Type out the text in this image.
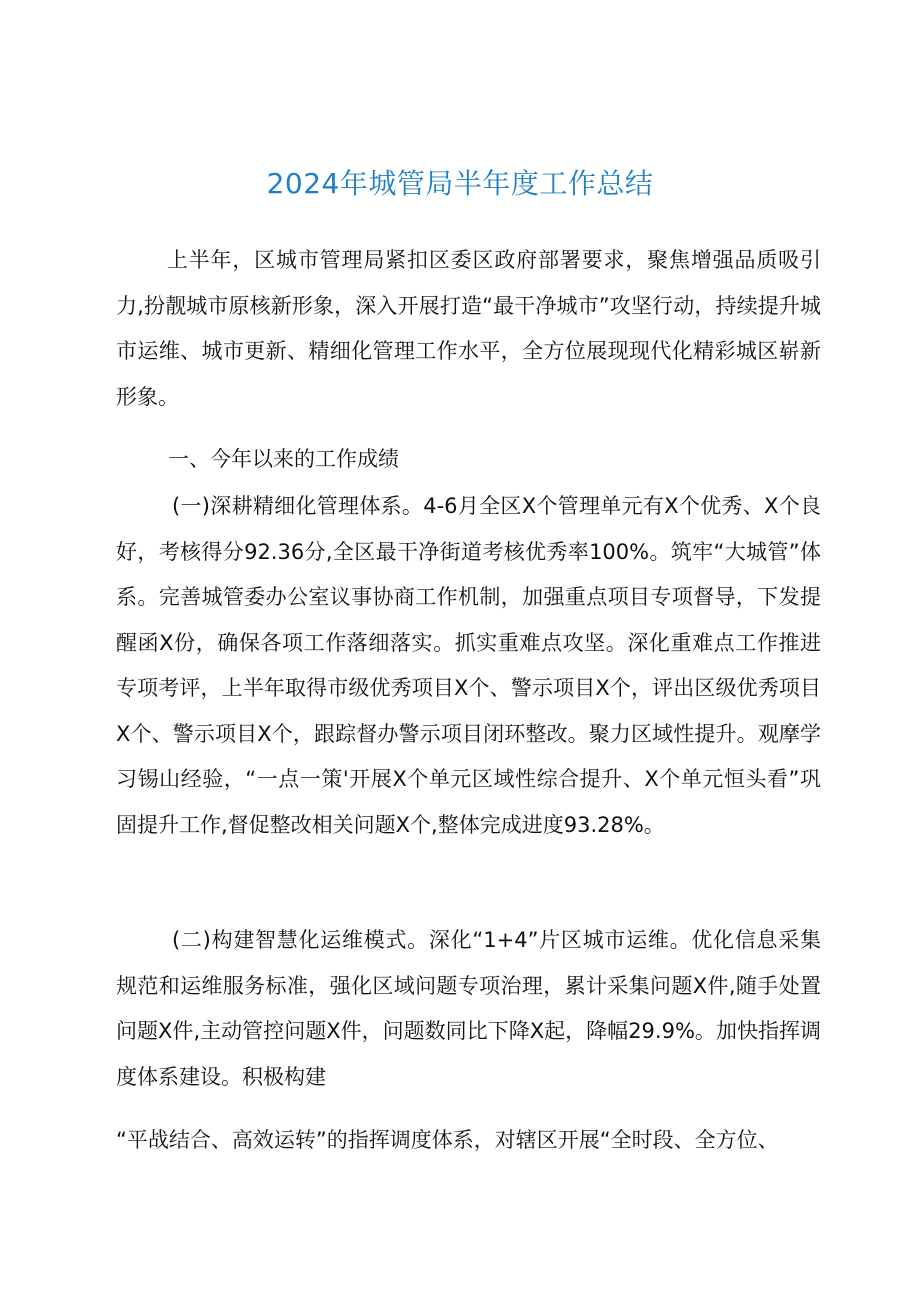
2024年城管局半年度工作总结

上半年，区城市管理局紧扣区委区政府部署要求，聚焦增强品质吸引力,扮靓城市原核新形象，深入开展打造“最干净城市”攻坚行动，持续提升城市运维、城市更新、精细化管理工作水平，全方位展现现代化精彩城区崭新形象。

一、今年以来的工作成绩

(一)深耕精细化管理体系。4-6月全区X个管理单元有X个优秀、X个良好，考核得分92.36分,全区最干净街道考核优秀率100%。筑牢“大城管”体系。完善城管委办公室议事协商工作机制，加强重点项目专项督导，下发提醒函X份，确保各项工作落细落实。抓实重难点攻坚。深化重难点工作推进专项考评，上半年取得市级优秀项目X个、警示项目X个，评出区级优秀项目X个、警示项目X个，跟踪督办警示项目闭环整改。聚力区域性提升。观摩学习锡山经验，“一点一策'开展X个单元区域性综合提升、X个单元恒头看”巩固提升工作,督促整改相关问题X个,整体完成进度93.28%。

(二)构建智慧化运维模式。深化“1+4”片区城市运维。优化信息采集规范和运维服务标准，强化区域问题专项治理，累计采集问题X件,随手处置问题X件,主动管控问题X件，问题数同比下降X起，降幅29.9%。加快指挥调度体系建设。积极构建

“平战结合、高效运转”的指挥调度体系，对辖区开展“全时段、全方位、
